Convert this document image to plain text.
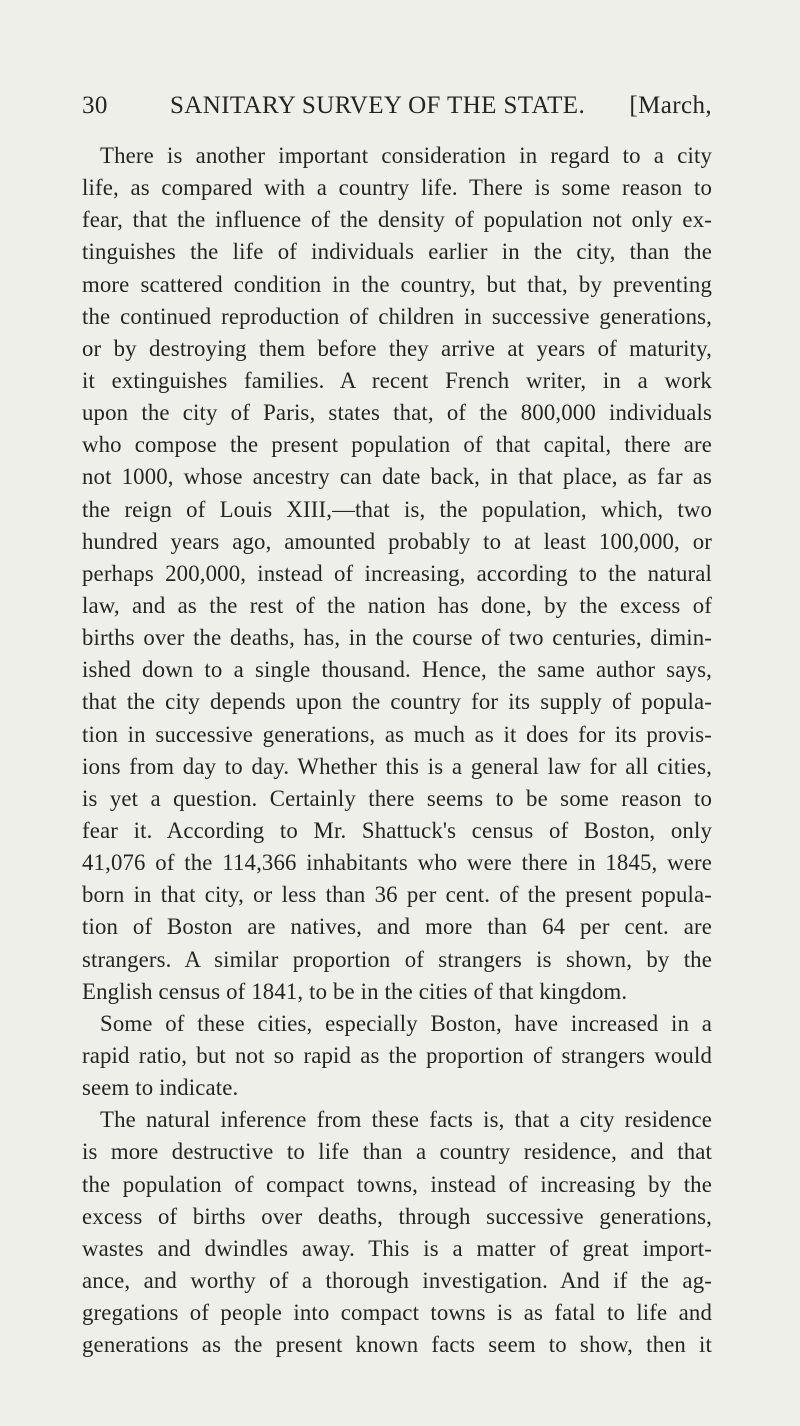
30 SANITARY SURVEY OF THE STATE. [March,
There is another important consideration in regard to a city
life, as compared with a country life. There is some reason to
fear, that the influence of the density of population not only ex-
tinguishes the life of individuals earlier in the city, than the
more scattered condition in the country, but that, by preventing
the continued reproduction of children in successive generations,
or by destroying them before they arrive at years of maturity,
it extinguishes families. A recent French writer, in a work
upon the city of Paris, states that, of the 800,000 individuals
who compose the present population of that capital, there are
not 1000, whose ancestry can date back, in that place, as far as
the reign of Louis XIII,—that is, the population, which, two
hundred years ago, amounted probably to at least 100,000, or
perhaps 200,000, instead of increasing, according to the natural
law, and as the rest of the nation has done, by the excess of
births over the deaths, has, in the course of two centuries, dimin-
ished down to a single thousand. Hence, the same author says,
that the city depends upon the country for its supply of popula-
tion in successive generations, as much as it does for its provis-
ions from day to day. Whether this is a general law for all cities,
is yet a question. Certainly there seems to be some reason to
fear it. According to Mr. Shattuck's census of Boston, only
41,076 of the 114,366 inhabitants who were there in 1845, were
born in that city, or less than 36 per cent. of the present popula-
tion of Boston are natives, and more than 64 per cent. are
strangers. A similar proportion of strangers is shown, by the
English census of 1841, to be in the cities of that kingdom.
Some of these cities, especially Boston, have increased in a
rapid ratio, but not so rapid as the proportion of strangers would
seem to indicate.
The natural inference from these facts is, that a city residence
is more destructive to life than a country residence, and that
the population of compact towns, instead of increasing by the
excess of births over deaths, through successive generations,
wastes and dwindles away. This is a matter of great import-
ance, and worthy of a thorough investigation. And if the ag-
gregations of people into compact towns is as fatal to life and
generations as the present known facts seem to show, then it
